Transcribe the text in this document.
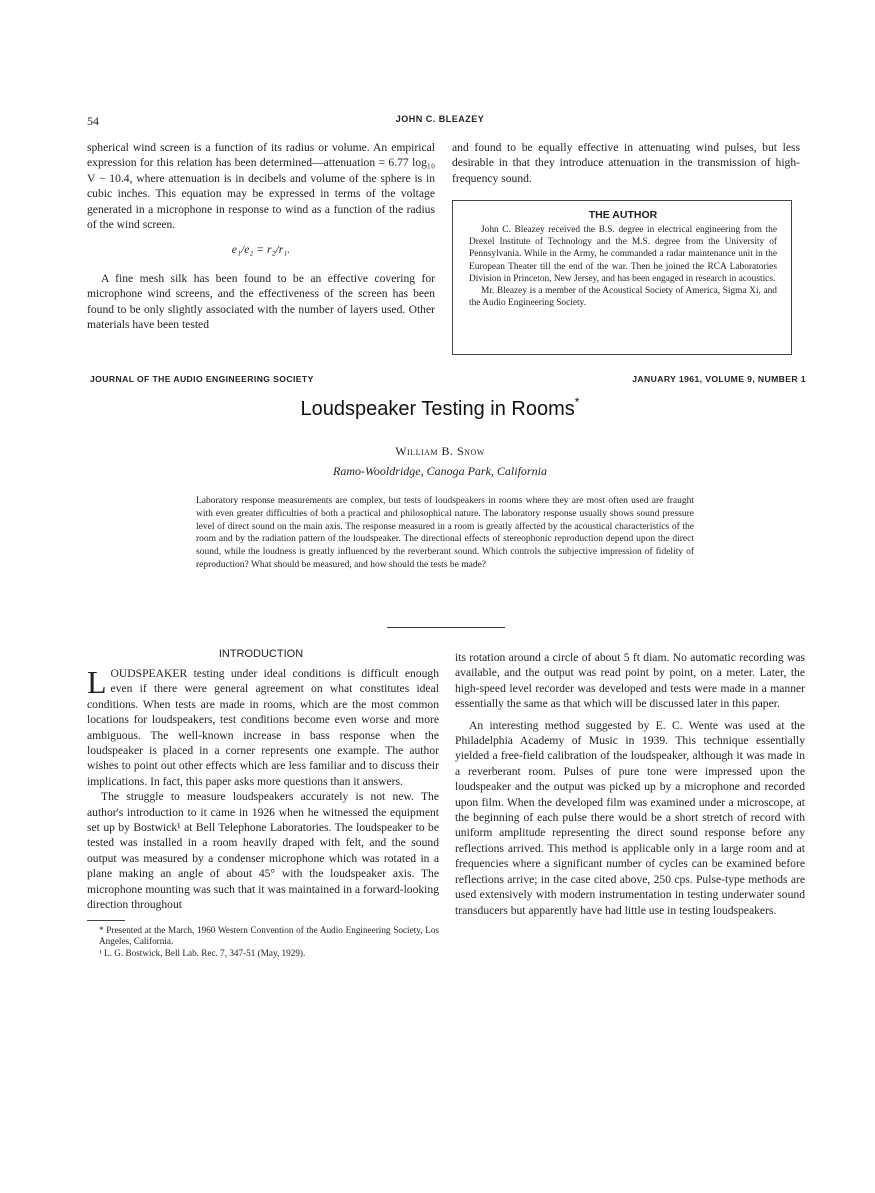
54	JOHN C. BLEAZEY

spherical wind screen is a function of its radius or volume. An empirical expression for this relation has been determined—attenuation = 6.77 log₁₀ V − 10.4, where attenuation is in decibels and volume of the sphere is in cubic inches. This equation may be expressed in terms of the voltage generated in a microphone in response to wind as a function of the radius of the wind screen.

e₁/e₂ = r₂/r₁.

A fine mesh silk has been found to be an effective covering for microphone wind screens, and the effectiveness of the screen has been found to be only slightly associated with the number of layers used. Other materials have been tested

and found to be equally effective in attenuating wind pulses, but less desirable in that they introduce attenuation in the transmission of high-frequency sound.

THE AUTHOR

John C. Bleazey received the B.S. degree in electrical engineering from the Drexel Institute of Technology and the M.S. degree from the University of Pennsylvania. While in the Army, he commanded a radar maintenance unit in the European Theater till the end of the war. Then he joined the RCA Laboratories Division in Princeton, New Jersey, and has been engaged in research in acoustics.

Mr. Bleazey is a member of the Acoustical Society of America, Sigma Xi, and the Audio Engineering Society.

JOURNAL OF THE AUDIO ENGINEERING SOCIETY	JANUARY 1961, VOLUME 9, NUMBER 1
Loudspeaker Testing in Rooms*
William B. Snow
Ramo-Wooldridge, Canoga Park, California
Laboratory response measurements are complex, but tests of loudspeakers in rooms where they are most often used are fraught with even greater difficulties of both a practical and philosophical nature. The laboratory response usually shows sound pressure level of direct sound on the main axis. The response measured in a room is greatly affected by the acoustical characteristics of the room and by the radiation pattern of the loudspeaker. The directional effects of stereophonic reproduction depend upon the direct sound, while the loudness is greatly influenced by the reverberant sound. Which controls the subjective impression of fidelity of reproduction? What should be measured, and how should the tests be made?
INTRODUCTION

LOUDSPEAKER testing under ideal conditions is difficult enough even if there were general agreement on what constitutes ideal conditions. When tests are made in rooms, which are the most common locations for loudspeakers, test conditions become even worse and more ambiguous. The well-known increase in bass response when the loudspeaker is placed in a corner represents one example. The author wishes to point out other effects which are less familiar and to discuss their implications. In fact, this paper asks more questions than it answers.

The struggle to measure loudspeakers accurately is not new. The author's introduction to it came in 1926 when he witnessed the equipment set up by Bostwick¹ at Bell Telephone Laboratories. The loudspeaker to be tested was installed in a room heavily draped with felt, and the sound output was measured by a condenser microphone which was rotated in a plane making an angle of about 45° with the loudspeaker axis. The microphone mounting was such that it was maintained in a forward-looking direction throughout

* Presented at the March, 1960 Western Convention of the Audio Engineering Society, Los Angeles, California.

¹ L. G. Bostwick, Bell Lab. Rec. 7, 347-51 (May, 1929).

its rotation around a circle of about 5 ft diam. No automatic recording was available, and the output was read point by point, on a meter. Later, the high-speed level recorder was developed and tests were made in a manner essentially the same as that which will be discussed later in this paper.

An interesting method suggested by E. C. Wente was used at the Philadelphia Academy of Music in 1939. This technique essentially yielded a free-field calibration of the loudspeaker, although it was made in a reverberant room. Pulses of pure tone were impressed upon the loudspeaker and the output was picked up by a microphone and recorded upon film. When the developed film was examined under a microscope, at the beginning of each pulse there would be a short stretch of record with uniform amplitude representing the direct sound response before any reflections arrived. This method is applicable only in a large room and at frequencies where a significant number of cycles can be examined before reflections arrive; in the case cited above, 250 cps. Pulse-type methods are used extensively with modern instrumentation in testing underwater sound transducers but apparently have had little use in testing loudspeakers.
